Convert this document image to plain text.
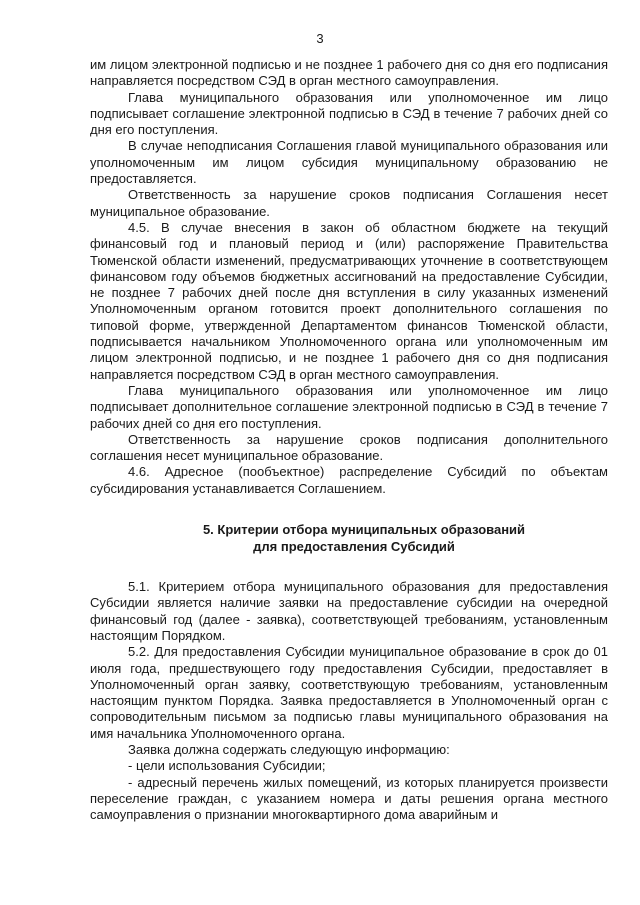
3

им лицом электронной подписью и не позднее 1 рабочего дня со дня его подписания направляется посредством СЭД в орган местного самоуправления.

Глава муниципального образования или уполномоченное им лицо подписывает соглашение электронной подписью в СЭД в течение 7 рабочих дней со дня его поступления.

В случае неподписания Соглашения главой муниципального образования или уполномоченным им лицом субсидия муниципальному образованию не предоставляется.

Ответственность за нарушение сроков подписания Соглашения несет муниципальное образование.

4.5. В случае внесения в закон об областном бюджете на текущий финансовый год и плановый период и (или) распоряжение Правительства Тюменской области изменений, предусматривающих уточнение в соответствующем финансовом году объемов бюджетных ассигнований на предоставление Субсидии, не позднее 7 рабочих дней после дня вступления в силу указанных изменений Уполномоченным органом готовится проект дополнительного соглашения по типовой форме, утвержденной Департаментом финансов Тюменской области, подписывается начальником Уполномоченного органа или уполномоченным им лицом электронной подписью, и не позднее 1 рабочего дня со дня подписания направляется посредством СЭД в орган местного самоуправления.

Глава муниципального образования или уполномоченное им лицо подписывает дополнительное соглашение электронной подписью в СЭД в течение 7 рабочих дней со дня его поступления.

Ответственность за нарушение сроков подписания дополнительного соглашения несет муниципальное образование.

4.6. Адресное (пообъектное) распределение Субсидий по объектам субсидирования устанавливается Соглашением.

5. Критерии отбора муниципальных образований
для предоставления Субсидий

5.1. Критерием отбора муниципального образования для предоставления Субсидии является наличие заявки на предоставление субсидии на очередной финансовый год (далее - заявка), соответствующей требованиям, установленным настоящим Порядком.

5.2. Для предоставления Субсидии муниципальное образование в срок до 01 июля года, предшествующего году предоставления Субсидии, предоставляет в Уполномоченный орган заявку, соответствующую требованиям, установленным настоящим пунктом Порядка. Заявка предоставляется в Уполномоченный орган с сопроводительным письмом за подписью главы муниципального образования на имя начальника Уполномоченного органа.

Заявка должна содержать следующую информацию:

- цели использования Субсидии;

- адресный перечень жилых помещений, из которых планируется произвести переселение граждан, с указанием номера и даты решения органа местного самоуправления о признании многоквартирного дома аварийным и
